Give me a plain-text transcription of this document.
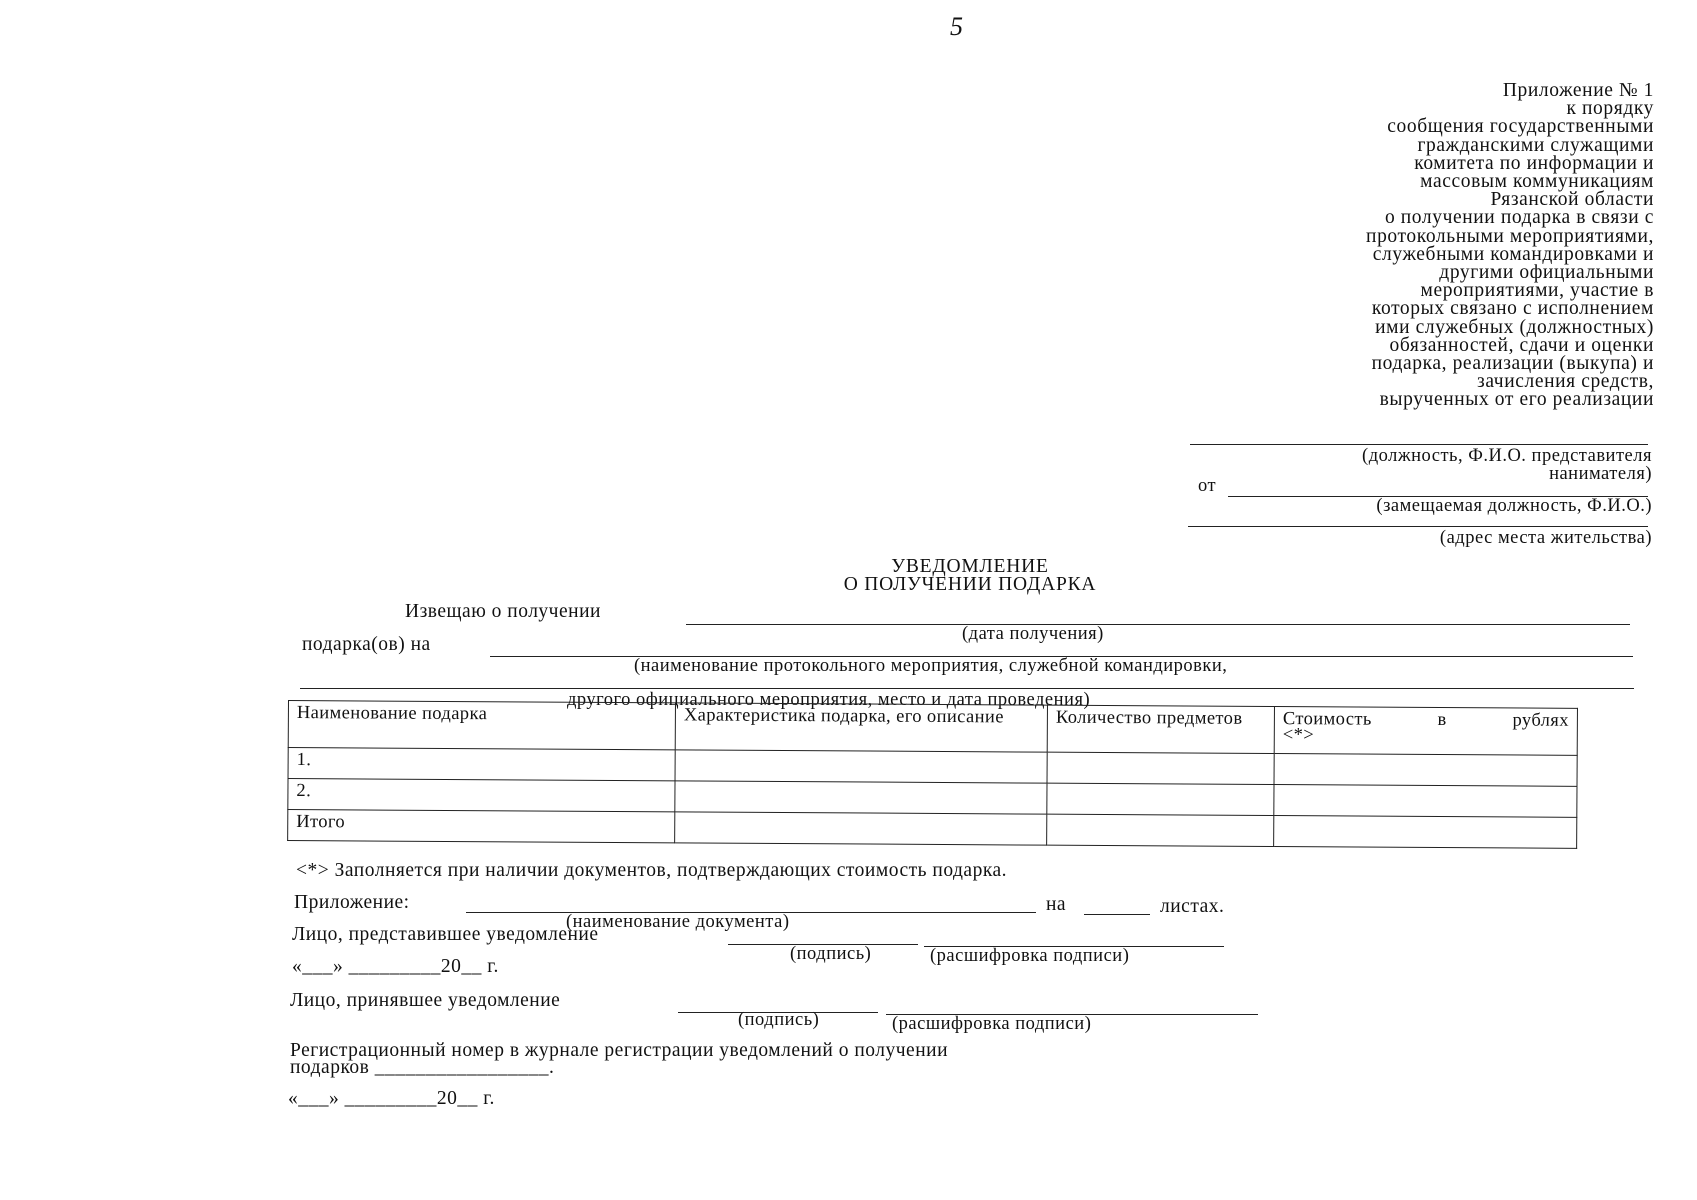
5
Приложение № 1
к порядку
сообщения государственными
гражданскими служащими
комитета по информации и
массовым коммуникациям
Рязанской области
о получении подарка в связи с
протокольными мероприятиями,
служебными командировками и
другими официальными
мероприятиями, участие в
которых связано с исполнением
ими служебных (должностных)
обязанностей, сдачи и оценки
подарка, реализации (выкупа) и
зачисления средств,
вырученных от его реализации
(должность, Ф.И.О. представителя
нанимателя)
от
(замещаемая должность, Ф.И.О.)
(адрес места жительства)
УВЕДОМЛЕНИЕ
О ПОЛУЧЕНИИ ПОДАРКА
Извещаю о получении
(дата получения)
подарка(ов) на
(наименование протокольного мероприятия, служебной командировки,
другого официального мероприятия, место и дата проведения)
Наименование подарка	Характеристика подарка, его описание	Количество предметов	Стоимость в рублях
<*>

1.			
2.			
Итого			
<*> Заполняется при наличии документов, подтверждающих стоимость подарка.
Приложение:	на	листах.
(наименование документа)
Лицо, представившее уведомление
(подпись)	(расшифровка подписи)
«___» _________20__ г.
Лицо, принявшее уведомление
(подпись)	(расшифровка подписи)
Регистрационный номер в журнале регистрации уведомлений о получении
подарков _________________.
«___» _________20__ г.
